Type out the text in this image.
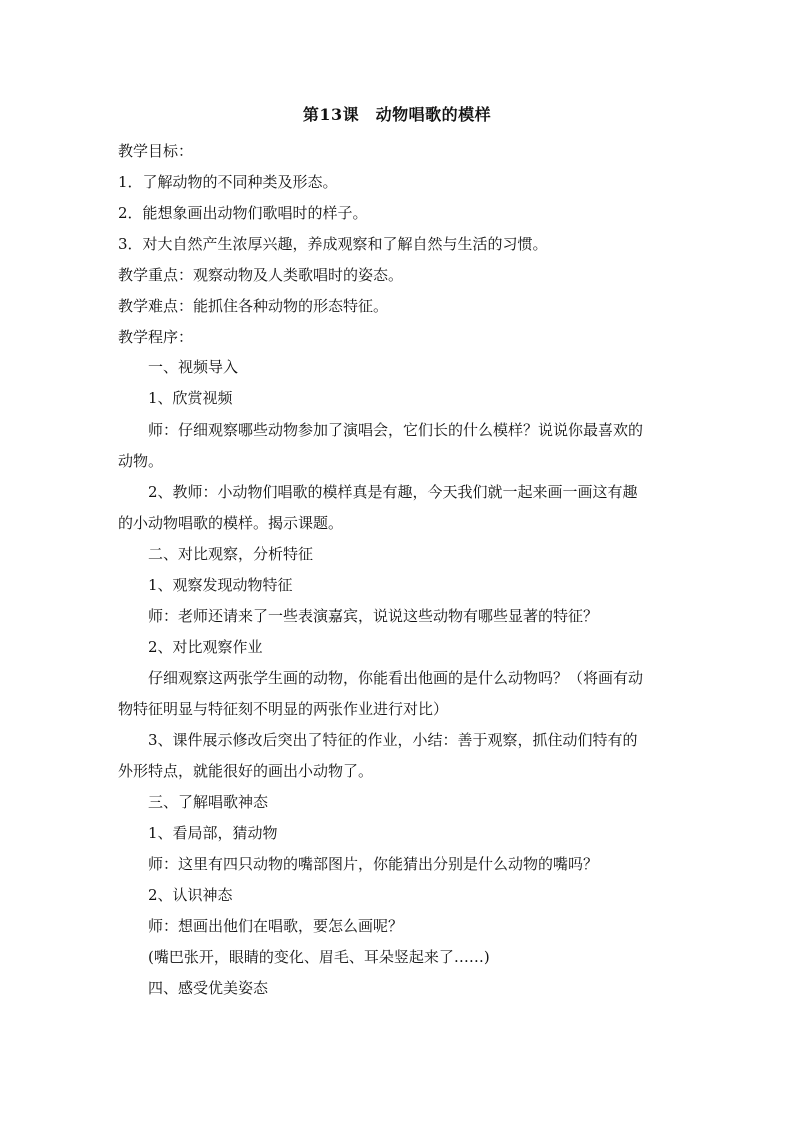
第13课　动物唱歌的模样

教学目标：

1．了解动物的不同种类及形态。

2．能想象画出动物们歌唱时的样子。

3．对大自然产生浓厚兴趣，养成观察和了解自然与生活的习惯。

教学重点：观察动物及人类歌唱时的姿态。

教学难点：能抓住各种动物的形态特征。

教学程序：

一、视频导入

1、欣赏视频

师：仔细观察哪些动物参加了演唱会，它们长的什么模样？说说你最喜欢的

动物。

2、教师：小动物们唱歌的模样真是有趣，今天我们就一起来画一画这有趣

的小动物唱歌的模样。揭示课题。

二、对比观察，分析特征

1、观察发现动物特征

师：老师还请来了一些表演嘉宾，说说这些动物有哪些显著的特征？

2、对比观察作业

仔细观察这两张学生画的动物，你能看出他画的是什么动物吗？（将画有动

物特征明显与特征刻不明显的两张作业进行对比）

3、课件展示修改后突出了特征的作业，小结：善于观察，抓住动们特有的

外形特点，就能很好的画出小动物了。

三、了解唱歌神态

1、看局部，猜动物

师：这里有四只动物的嘴部图片，你能猜出分别是什么动物的嘴吗？

2、认识神态

师：想画出他们在唱歌，要怎么画呢？

(嘴巴张开，眼睛的变化、眉毛、耳朵竖起来了……)

四、感受优美姿态
